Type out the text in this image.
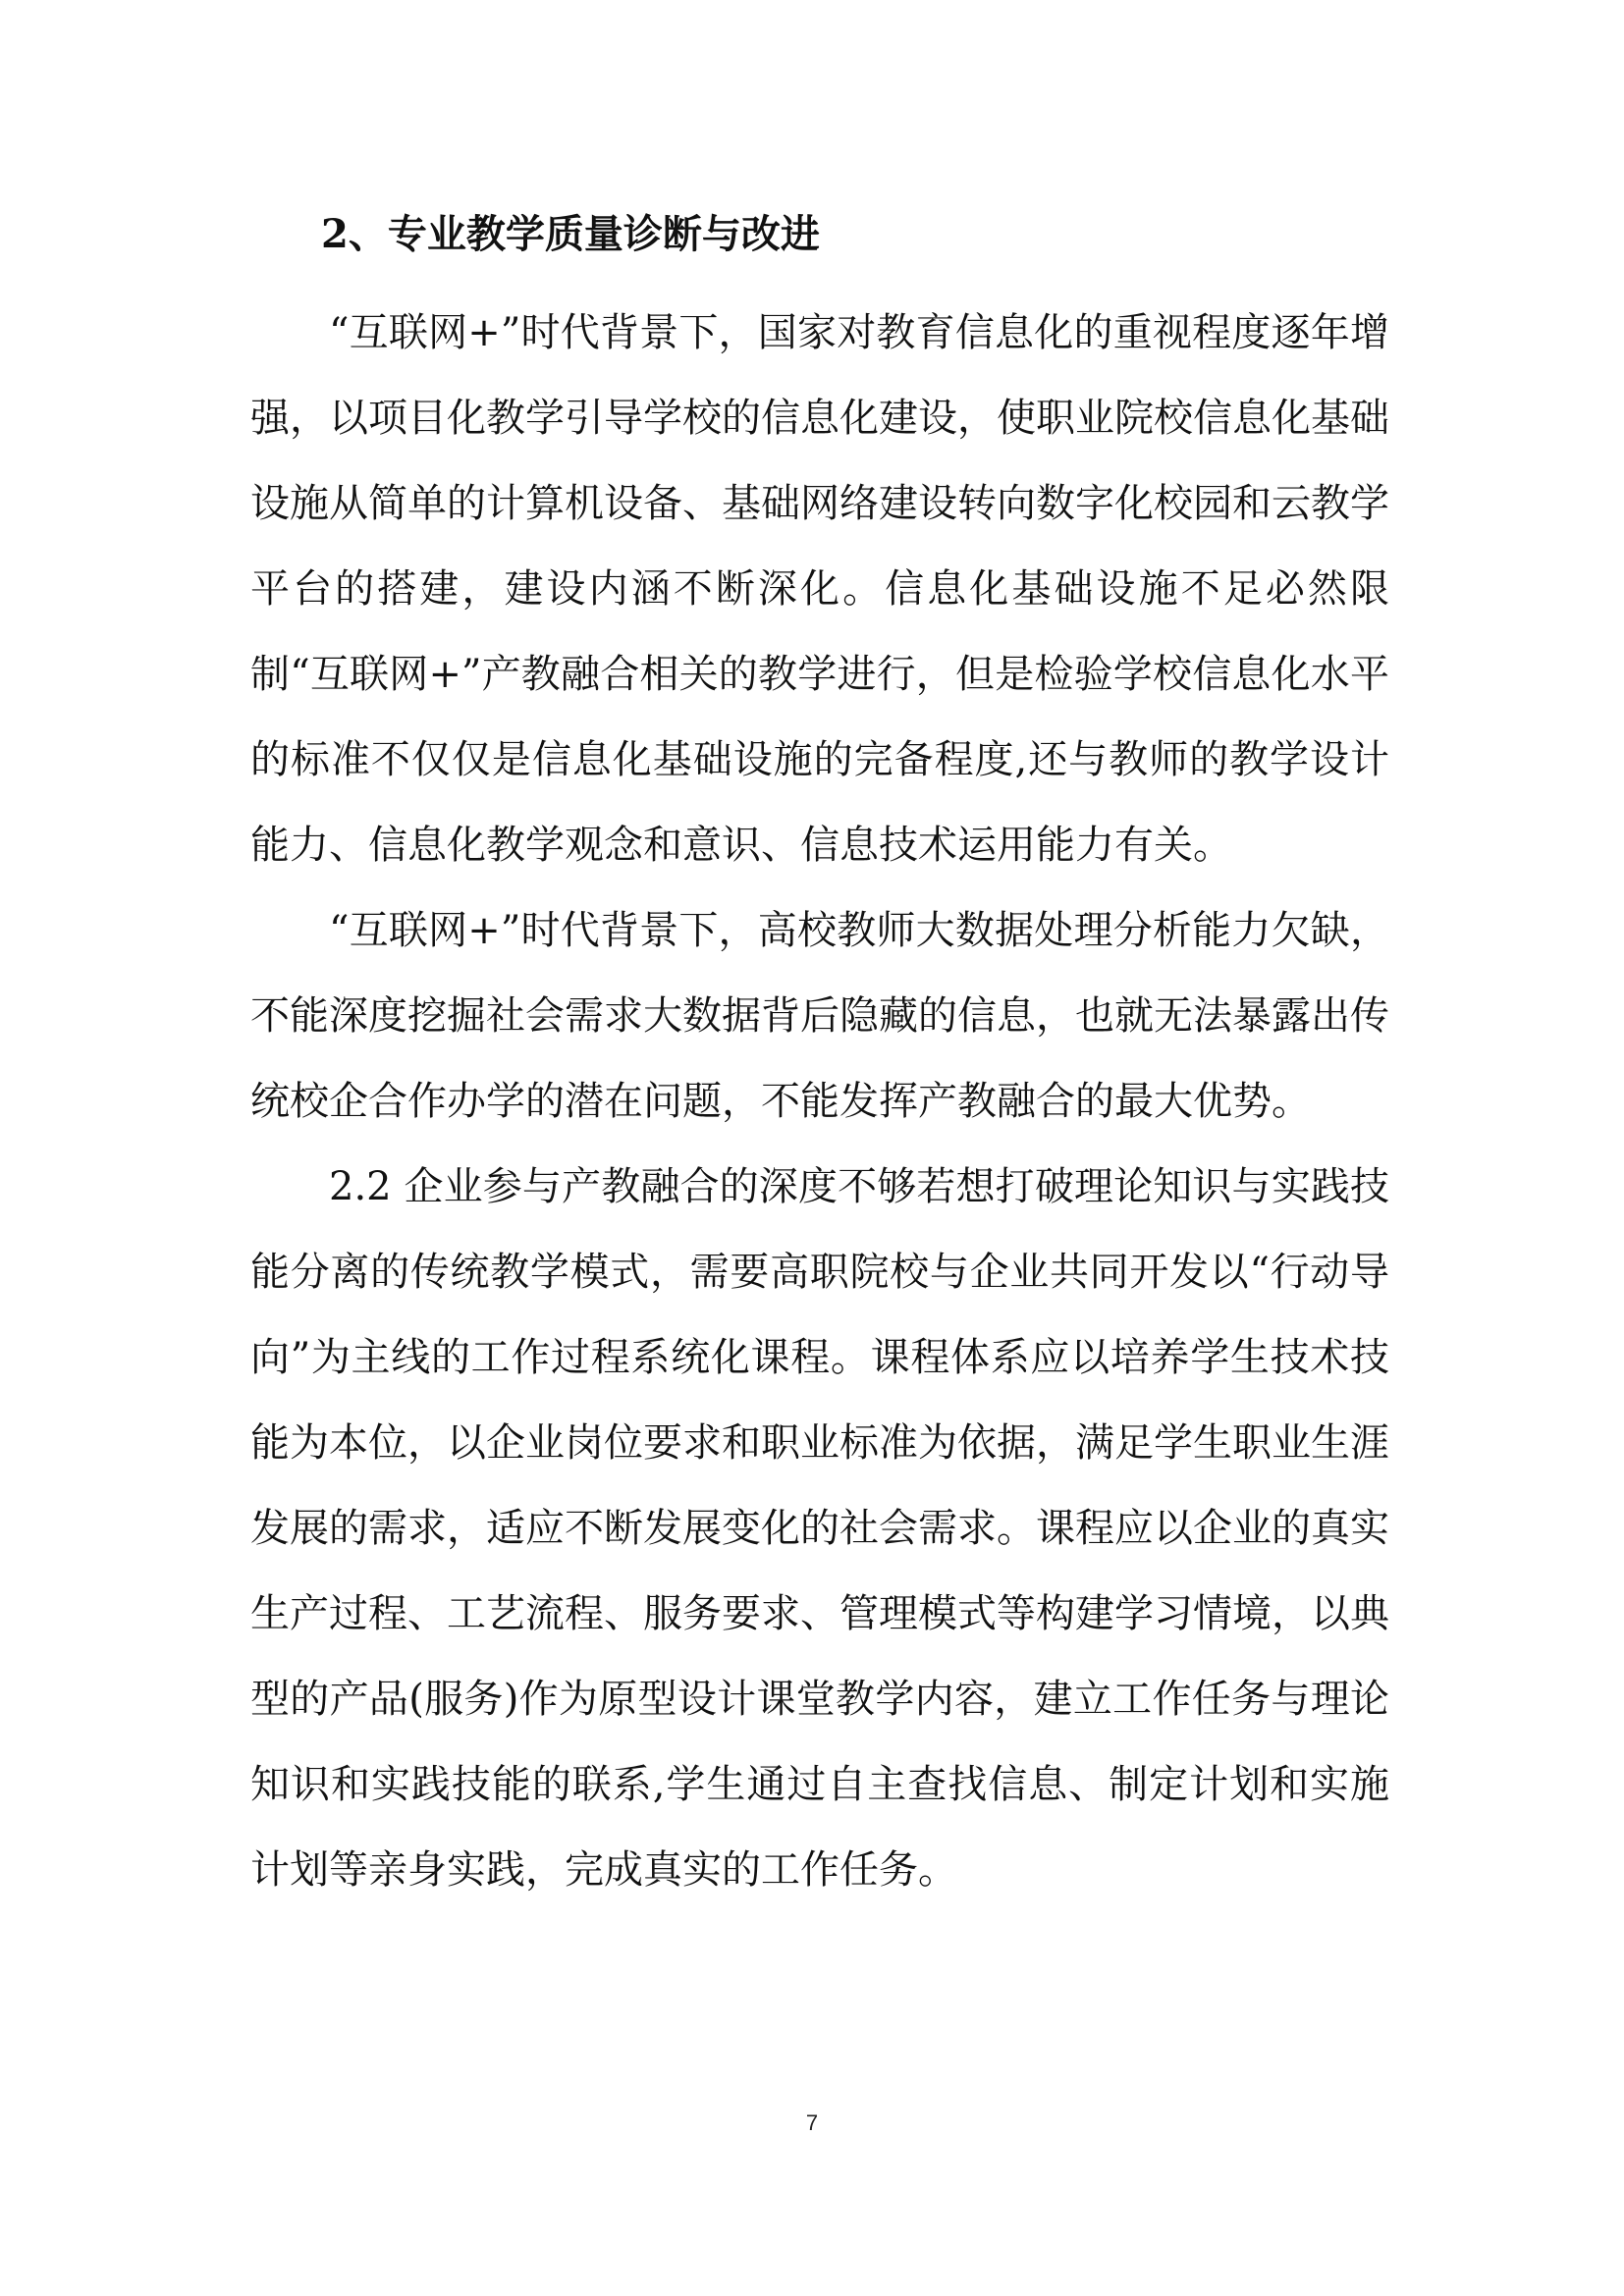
2、专业教学质量诊断与改进

“互联网+”时代背景下，国家对教育信息化的重视程度逐年增强，以项目化教学引导学校的信息化建设，使职业院校信息化基础设施从简单的计算机设备、基础网络建设转向数字化校园和云教学平台的搭建，建设内涵不断深化。信息化基础设施不足必然限制“互联网+”产教融合相关的教学进行，但是检验学校信息化水平的标准不仅仅是信息化基础设施的完备程度,还与教师的教学设计能力、信息化教学观念和意识、信息技术运用能力有关。

“互联网+”时代背景下，高校教师大数据处理分析能力欠缺，不能深度挖掘社会需求大数据背后隐藏的信息，也就无法暴露出传统校企合作办学的潜在问题，不能发挥产教融合的最大优势。

2.2 企业参与产教融合的深度不够若想打破理论知识与实践技能分离的传统教学模式，需要高职院校与企业共同开发以“行动导向”为主线的工作过程系统化课程。课程体系应以培养学生技术技能为本位，以企业岗位要求和职业标准为依据，满足学生职业生涯发展的需求，适应不断发展变化的社会需求。课程应以企业的真实生产过程、工艺流程、服务要求、管理模式等构建学习情境，以典型的产品(服务)作为原型设计课堂教学内容，建立工作任务与理论知识和实践技能的联系,学生通过自主查找信息、制定计划和实施计划等亲身实践，完成真实的工作任务。

7
